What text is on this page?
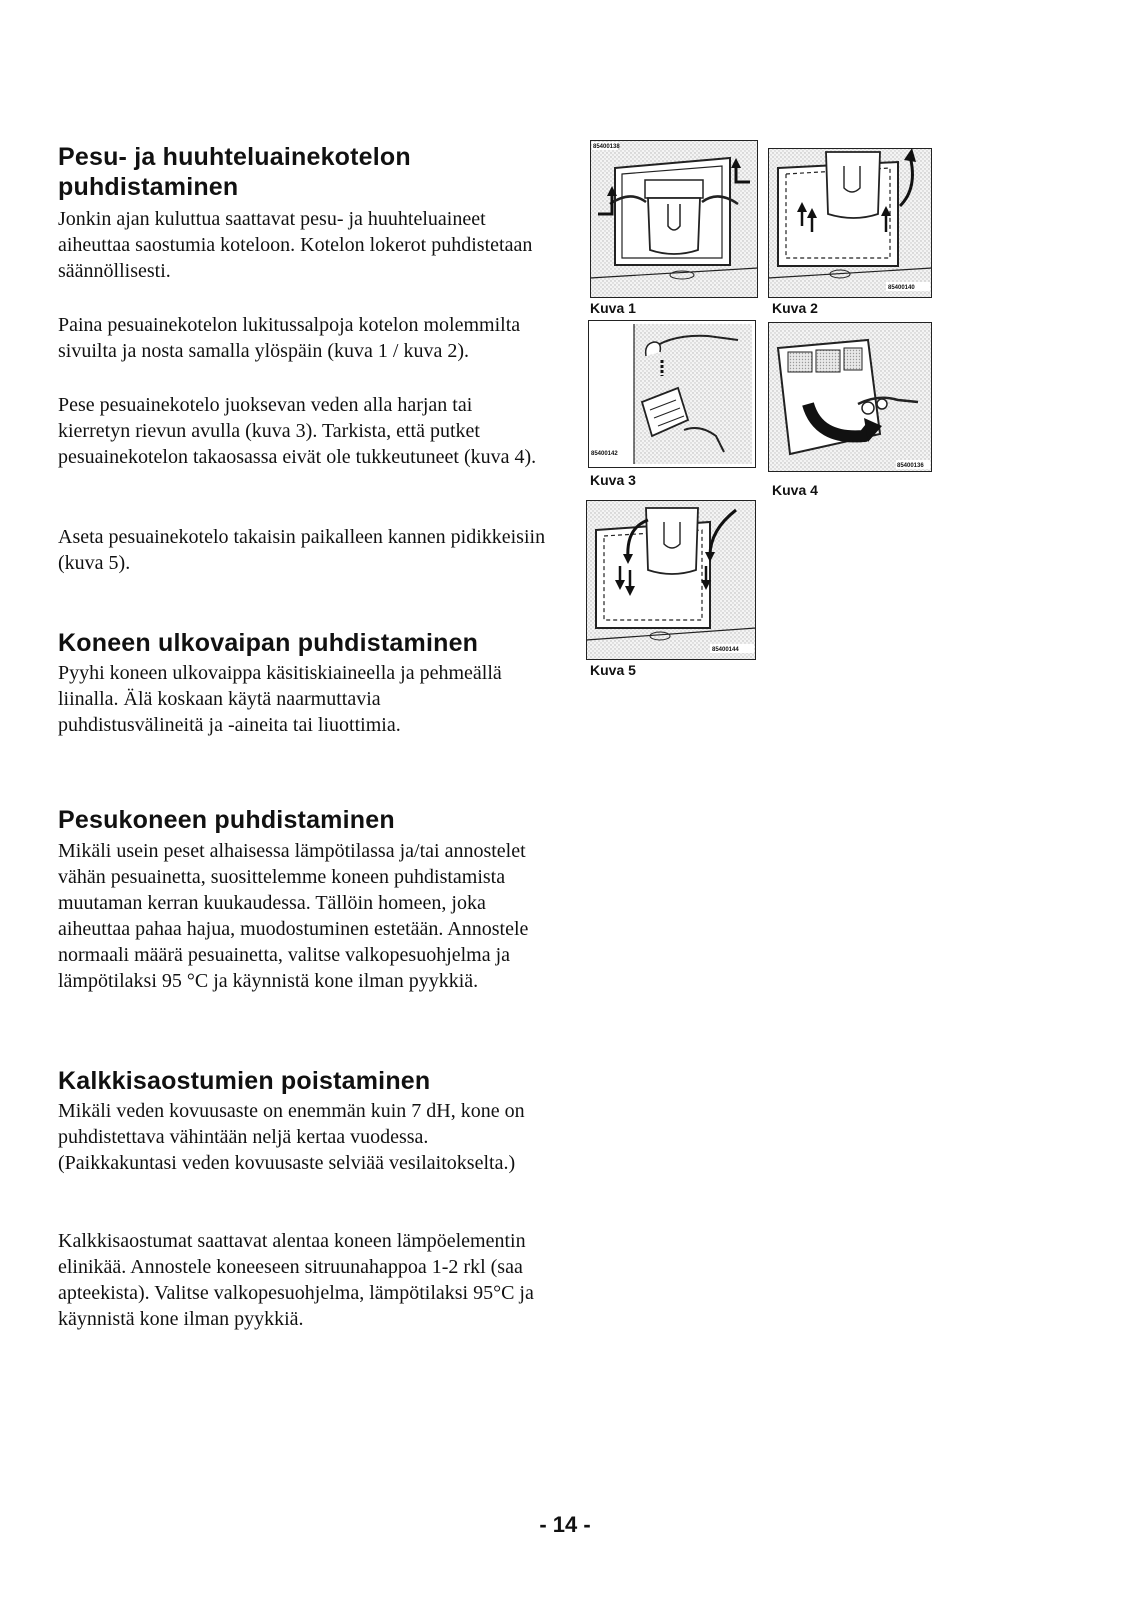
Pesu- ja huuhteluainekotelon
puhdistaminen

Jonkin ajan kuluttua saattavat pesu- ja huuhteluaineet aiheuttaa saostumia koteloon. Kotelon lokerot puhdistetaan säännöllisesti.

Paina pesuainekotelon lukitussalpoja kotelon molemmilta sivuilta ja nosta samalla ylöspäin (kuva 1 / kuva 2).

Pese pesuainekotelo juoksevan veden alla harjan tai kierretyn rievun avulla (kuva 3). Tarkista, että putket pesuainekotelon takaosassa eivät ole tukkeutuneet (kuva 4).

Aseta pesuainekotelo takaisin paikalleen kannen pidikkeisiin (kuva 5).

Koneen ulkovaipan puhdistaminen

Pyyhi koneen ulkovaippa käsitiskiaineella ja pehmeällä liinalla. Älä koskaan käytä naarmuttavia puhdistusvälineitä ja -aineita tai liuottimia.

Pesukoneen puhdistaminen

Mikäli usein peset alhaisessa lämpötilassa ja/tai annostelet vähän pesuainetta, suosittelemme koneen puhdistamista muutaman kerran kuukaudessa. Tällöin homeen, joka aiheuttaa pahaa hajua, muodostuminen estetään. Annostele normaali määrä pesuainetta, valitse valkopesuohjelma ja lämpötilaksi 95 °C ja käynnistä kone ilman pyykkiä.

Kalkkisaostumien poistaminen

Mikäli veden kovuusaste on enemmän kuin 7 dH, kone on puhdistettava vähintään neljä kertaa vuodessa. (Paikkakuntasi veden kovuusaste selviää vesilaitokselta.)

Kalkkisaostumat saattavat alentaa koneen lämpöelementin elinikää. Annostele koneeseen sitruunahappoa 1-2 rkl (saa apteekista). Valitse valkopesuohjelma, lämpötilaksi 95°C ja käynnistä kone ilman pyykkiä.

85400138
Kuva 1
85400140
Kuva 2
85400142
Kuva 3
85400136
Kuva 4
85400144
Kuva 5
- 14 -
